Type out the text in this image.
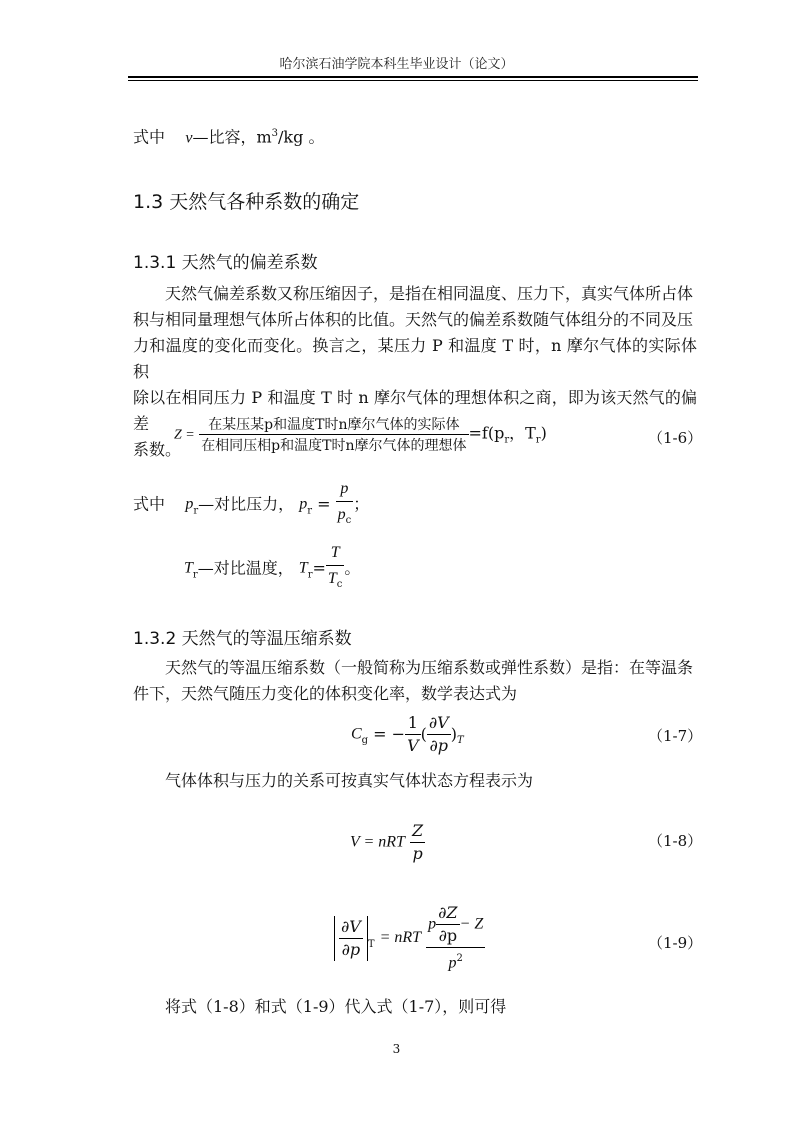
哈尔滨石油学院本科生毕业设计（论文）
式中 v—比容，$m^3/kg$ 。
1.3 天然气各种系数的确定
1.3.1 天然气的偏差系数
天然气偏差系数又称压缩因子，是指在相同温度、压力下，真实气体所占体
积与相同量理想气体所占体积的比值。天然气的偏差系数随气体组分的不同及压
力和温度的变化而变化。换言之，某压力 P 和温度 T 时，n 摩尔气体的实际体积
除以在相同压力 P 和温度 T 时 n 摩尔气体的理想体积之商，即为该天然气的偏差
系数。
$Z = \frac{\text{在某压某p和温度T时n摩尔气体的实际体}}{\text{在相同压相p和温度T时n摩尔气体的理想体}} =f(p_r$，$T_r$)	（1-6）
式中 $p_r—$对比压力， $p_r = \frac{p}{p_c}$ ；
$T_r—$对比温度， $T_r= \frac{T}{T_c}$ 。
1.3.2 天然气的等温压缩系数
天然气的等温压缩系数（一般简称为压缩系数或弹性系数）是指：在等温条
件下，天然气随压力变化的体积变化率，数学表达式为
$C_g$ = − $\frac{1}{V}$ ( $\frac{\partial V}{\partial p} )_T$	（1-7）
气体体积与压力的关系可按真实气体状态方程表示为
V = nRT $\frac{Z}{p}$	（1-8）
$\frac{\partial V}{\partial p} _T$ = nRT $\frac{p \frac{\partial Z}{\partial p} - Z}{p^2}$	（1-9）
将式（1-8）和式（1-9）代入式（1-7），则可得
3
